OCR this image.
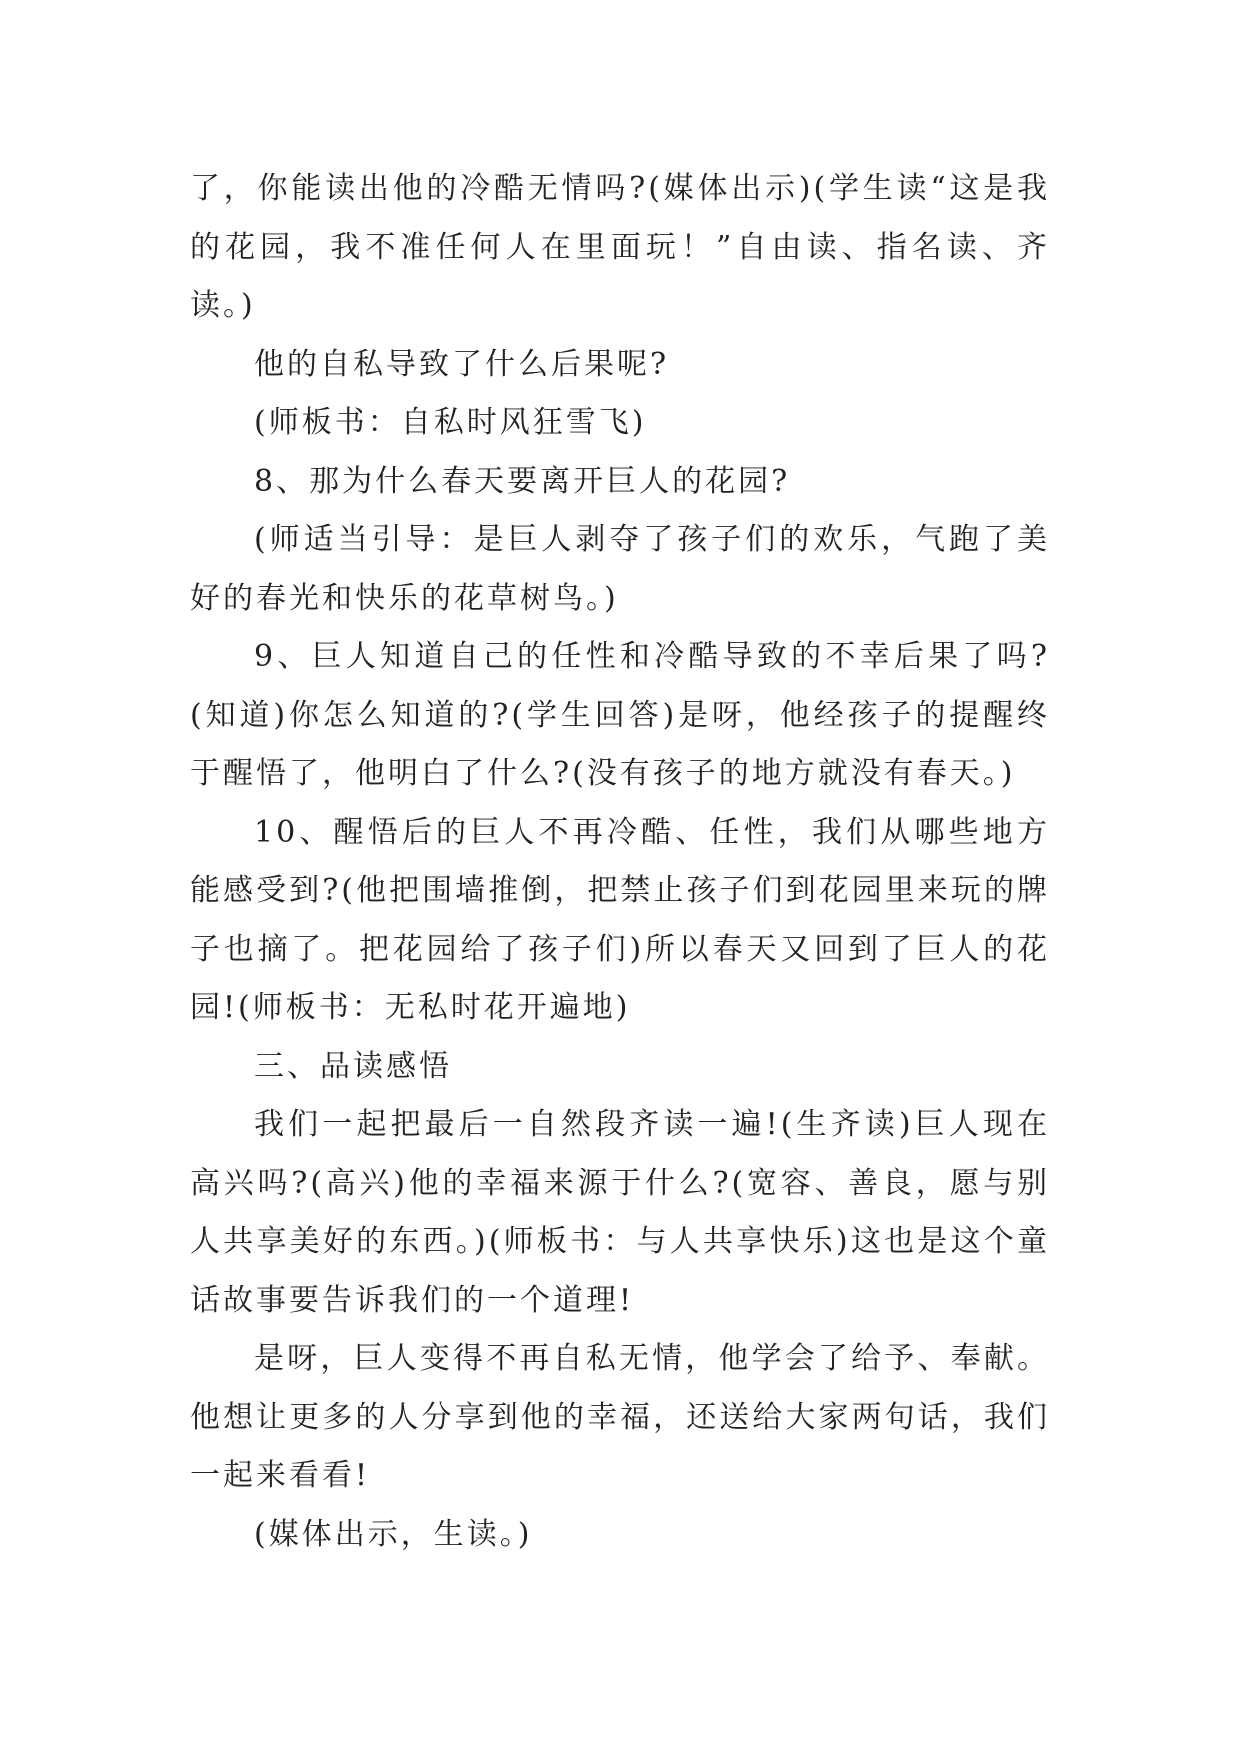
了，你能读出他的冷酷无情吗?(媒体出示)(学生读“这是我的花园，我不准任何人在里面玩！”自由读、指名读、齐读。)

他的自私导致了什么后果呢?

(师板书：自私时风狂雪飞)

8、那为什么春天要离开巨人的花园?

(师适当引导：是巨人剥夺了孩子们的欢乐，气跑了美好的春光和快乐的花草树鸟。)

9、巨人知道自己的任性和冷酷导致的不幸后果了吗?(知道)你怎么知道的?(学生回答)是呀，他经孩子的提醒终于醒悟了，他明白了什么?(没有孩子的地方就没有春天。)

10、醒悟后的巨人不再冷酷、任性，我们从哪些地方能感受到?(他把围墙推倒，把禁止孩子们到花园里来玩的牌子也摘了。把花园给了孩子们)所以春天又回到了巨人的花园!(师板书：无私时花开遍地)

三、品读感悟

我们一起把最后一自然段齐读一遍!(生齐读)巨人现在高兴吗?(高兴)他的幸福来源于什么?(宽容、善良，愿与别人共享美好的东西。)(师板书：与人共享快乐)这也是这个童话故事要告诉我们的一个道理!

是呀，巨人变得不再自私无情，他学会了给予、奉献。他想让更多的人分享到他的幸福，还送给大家两句话，我们一起来看看!

(媒体出示，生读。)
